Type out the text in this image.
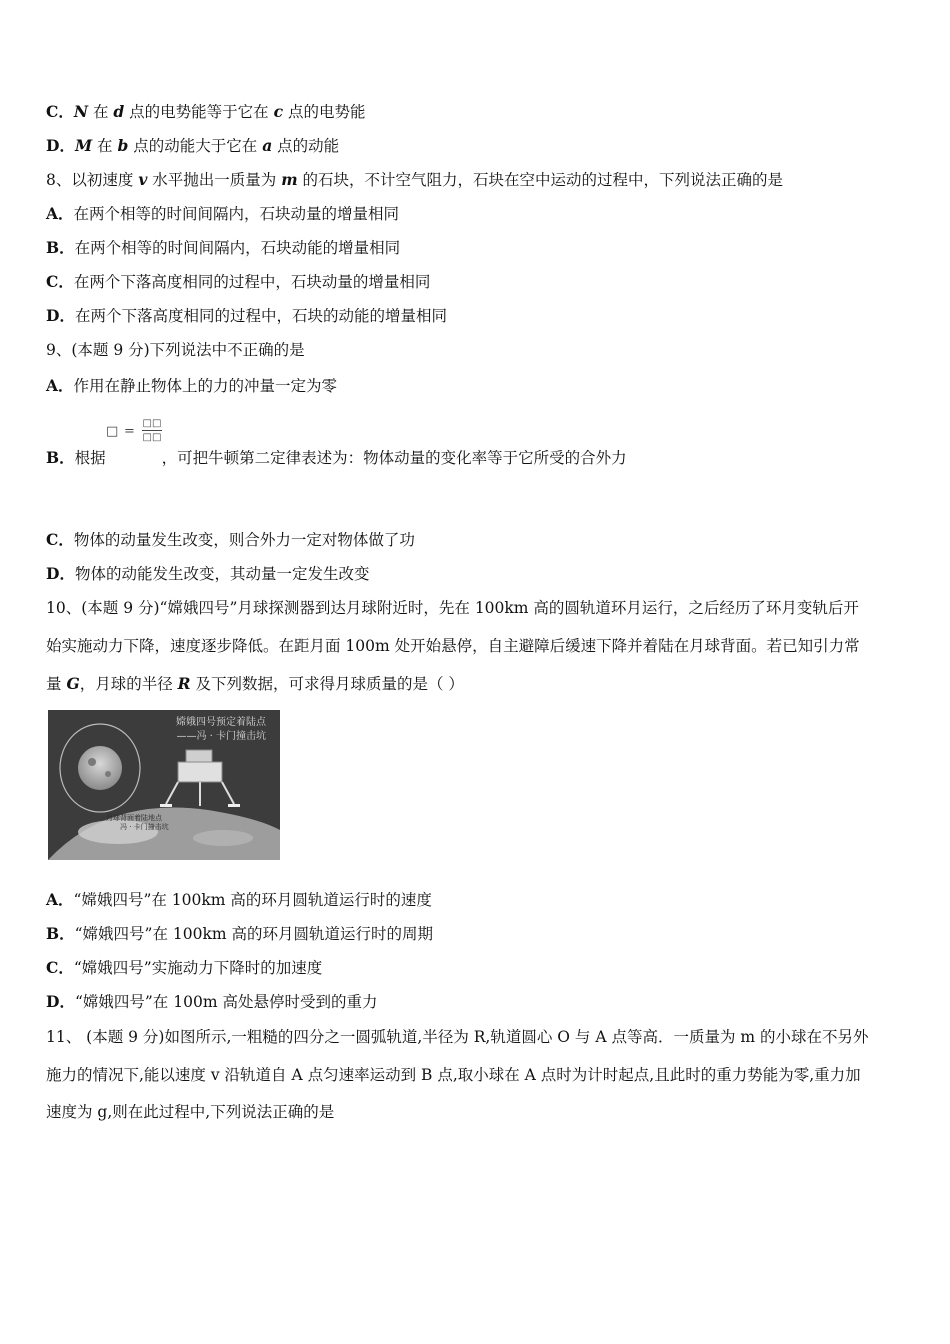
C．N 在 d 点的电势能等于它在 c 点的电势能
D．M 在 b 点的动能大于它在 a 点的动能
8、以初速度 v 水平抛出一质量为 m 的石块，不计空气阻力，石块在空中运动的过程中，下列说法正确的是
A．在两个相等的时间间隔内，石块动量的增量相同
B．在两个相等的时间间隔内，石块动能的增量相同
C．在两个下落高度相同的过程中，石块动量的增量相同
D．在两个下落高度相同的过程中，石块的动能的增量相同
9、(本题 9 分)下列说法中不正确的是
A．作用在静止物体上的力的冲量一定为零
□ =
□□
□□
B．根据	，可把牛顿第二定律表述为：物体动量的变化率等于它所受的合外力
C．物体的动量发生改变，则合外力一定对物体做了功
D．物体的动能发生改变，其动量一定发生改变
10、(本题 9 分)“嫦娥四号”月球探测器到达月球附近时，先在 100km 高的圆轨道环月运行，之后经历了环月变轨后开
始实施动力下降，速度逐步降低。在距月面 100m 处开始悬停，自主避障后缓速下降并着陆在月球背面。若已知引力常
量 G，月球的半径 R 及下列数据，可求得月球质量的是（ ）
嫦娥四号预定着陆点
——冯 · 卡门撞击坑
月球背面着陆地点
冯 · 卡门撞击坑
A．“嫦娥四号”在 100km 高的环月圆轨道运行时的速度
B．“嫦娥四号”在 100km 高的环月圆轨道运行时的周期
C．“嫦娥四号”实施动力下降时的加速度
D．“嫦娥四号”在 100m 高处悬停时受到的重力
11、 (本题 9 分)如图所示,一粗糙的四分之一圆弧轨道,半径为 R,轨道圆心 O 与 A 点等高．一质量为 m 的小球在不另外
施力的情况下,能以速度 v 沿轨道自 A 点匀速率运动到 B 点,取小球在 A 点时为计时起点,且此时的重力势能为零,重力加
速度为 g,则在此过程中,下列说法正确的是
